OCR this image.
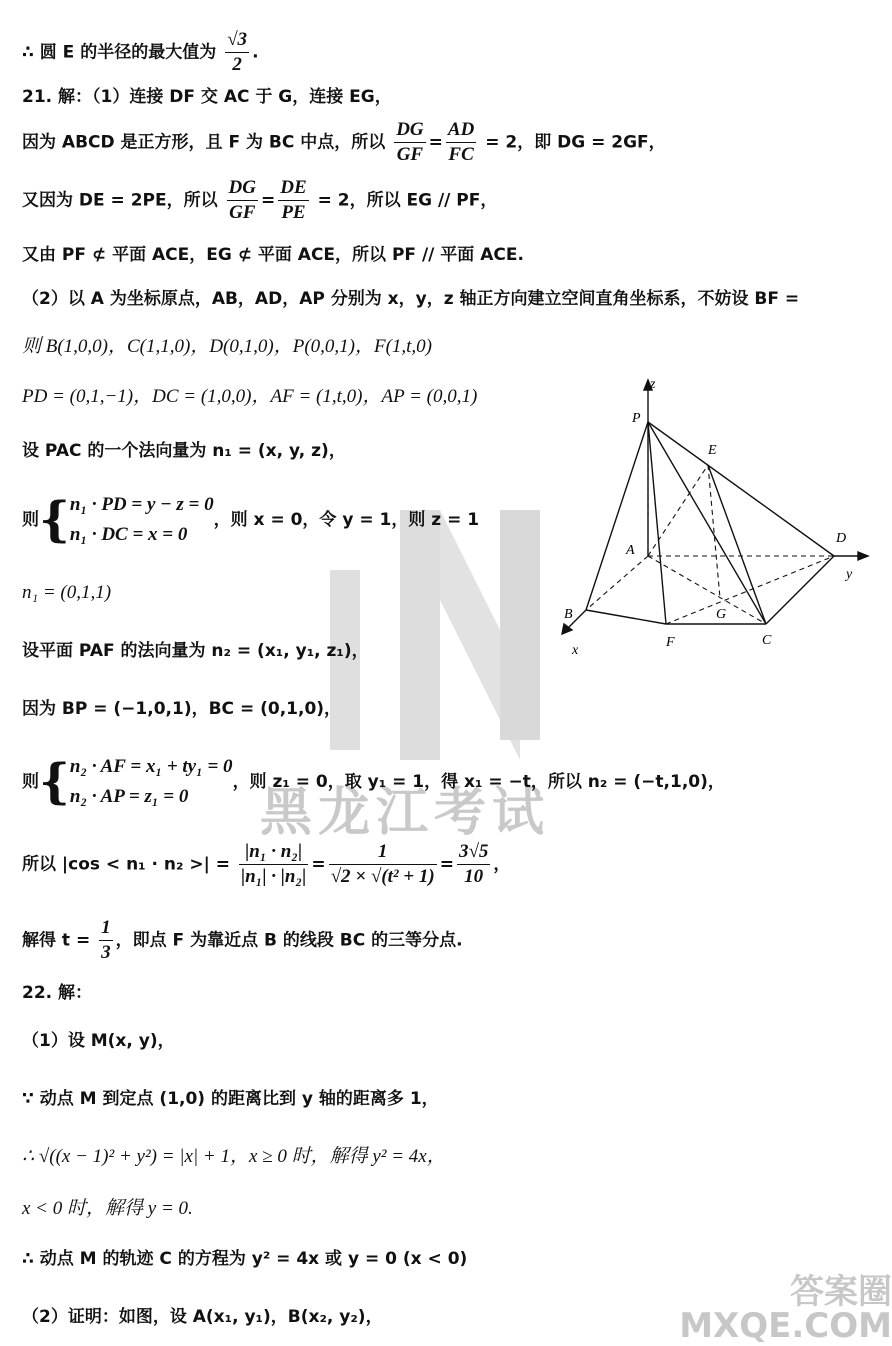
黑龙江考试
∴ 圆 E 的半径的最大值为 $\frac{√3}{2}$ .
21. 解：（1）连接 DF 交 AC 于 G，连接 EG，
因为 ABCD 是正方形，且 F 为 BC 中点，所以 $\frac{DG}{GF} = \frac{AD}{FC} = 2$，即 DG = 2GF，
又因为 DE = 2PE，所以 $\frac{DG}{GF} = \frac{DE}{PE} = 2$，所以 EG // PF，
又由 PF ⊄ 平面 ACE，EG ⊄ 平面 ACE，所以 PF // 平面 ACE.
（2）以 A 为坐标原点，AB，AD，AP 分别为 x，y，z 轴正方向建立空间直角坐标系，不妨设 BF =
则 B(1,0,0)，C(1,1,0)，D(0,1,0)，P(0,0,1)，F(1,t,0)
PD = (0,1,−1)，DC = (1,0,0)，AF = (1,t,0)，AP = (0,0,1)
设 PAC 的一个法向量为 n₁ = (x, y, z)，
则{ n₁ · PD = y − z = 0
n₁ · DC = x = 0
，则 x = 0，令 y = 1，则 z = 1
n₁ = (0,1,1)
设平面 PAF 的法向量为 n₂ = (x₁, y₁, z₁)，
因为 BP = (−1,0,1)，BC = (0,1,0)，
则{ n₂ · AF = x₁ + ty₁ = 0
n₂ · AP = z₁ = 0
，则 z₁ = 0，取 y₁ = 1，得 x₁ = −t，所以 n₂ = (−t,1,0)，
所以 |cos < n₁ · n₂ >| = $\frac{\text{|n₁ · n₂|}}{\text{|n₁| · |n₂|}} = \frac{1}{\text{√2 × √(t² + 1)}} = \frac{3√5}{10}$ ，
解得 $t = \frac{1}{3}$ ，即点 F 为靠近点 B 的线段 BC 的三等分点.
22. 解：
（1）设 M(x, y)，
∵ 动点 M 到定点 (1,0) 的距离比到 y 轴的距离多 1，
∴ √((x − 1)² + y²) = |x| + 1，x ≥ 0 时，解得 y² = 4x，
x < 0 时，解得 y = 0.
∴ 动点 M 的轨迹 C 的方程为 y² = 4x 或 y = 0 (x < 0)
（2）证明：如图，设 A(x₁, y₁)，B(x₂, y₂)，
z
P
E
A
D
y
B	G
F	C
x
答案圈
MXQE.COM
